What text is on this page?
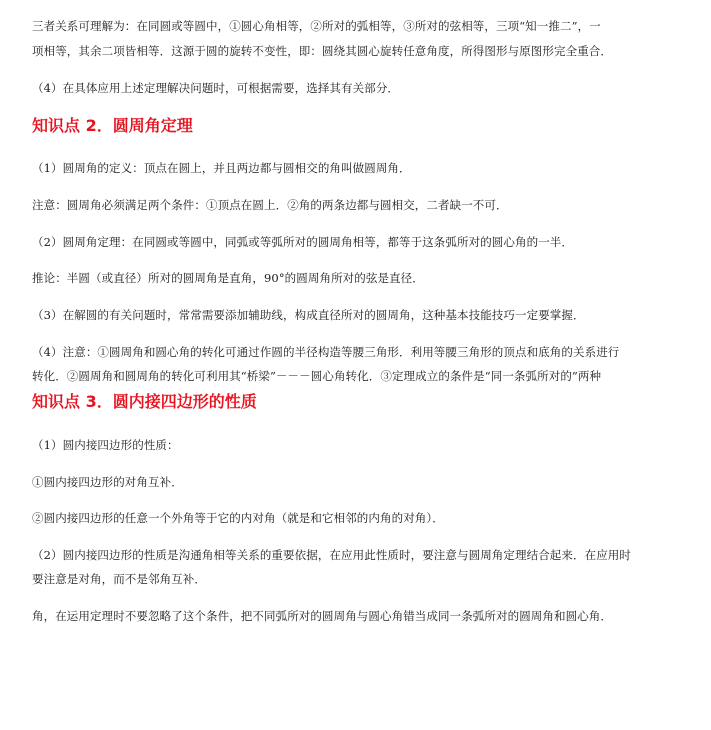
三者关系可理解为：在同圆或等圆中，①圆心角相等，②所对的弧相等，③所对的弦相等，三项“知一推二”，一
项相等，其余二项皆相等．这源于圆的旋转不变性，即：圆绕其圆心旋转任意角度，所得图形与原图形完全重合．
（4）在具体应用上述定理解决问题时，可根据需要，选择其有关部分．
知识点 2．圆周角定理
（1）圆周角的定义：顶点在圆上，并且两边都与圆相交的角叫做圆周角．
注意：圆周角必须满足两个条件：①顶点在圆上．②角的两条边都与圆相交，二者缺一不可．
（2）圆周角定理：在同圆或等圆中，同弧或等弧所对的圆周角相等，都等于这条弧所对的圆心角的一半．
推论：半圆（或直径）所对的圆周角是直角，90°的圆周角所对的弦是直径．
（3）在解圆的有关问题时，常常需要添加辅助线，构成直径所对的圆周角，这种基本技能技巧一定要掌握．
（4）注意：①圆周角和圆心角的转化可通过作圆的半径构造等腰三角形．利用等腰三角形的顶点和底角的关系进行
转化．②圆周角和圆周角的转化可利用其“桥梁”－－－圆心角转化．③定理成立的条件是“同一条弧所对的”两种
知识点 3．圆内接四边形的性质
（1）圆内接四边形的性质：
①圆内接四边形的对角互补．
②圆内接四边形的任意一个外角等于它的内对角（就是和它相邻的内角的对角）．
（2）圆内接四边形的性质是沟通角相等关系的重要依据，在应用此性质时，要注意与圆周角定理结合起来．在应用时
要注意是对角，而不是邻角互补．
角，在运用定理时不要忽略了这个条件，把不同弧所对的圆周角与圆心角错当成同一条弧所对的圆周角和圆心角．
